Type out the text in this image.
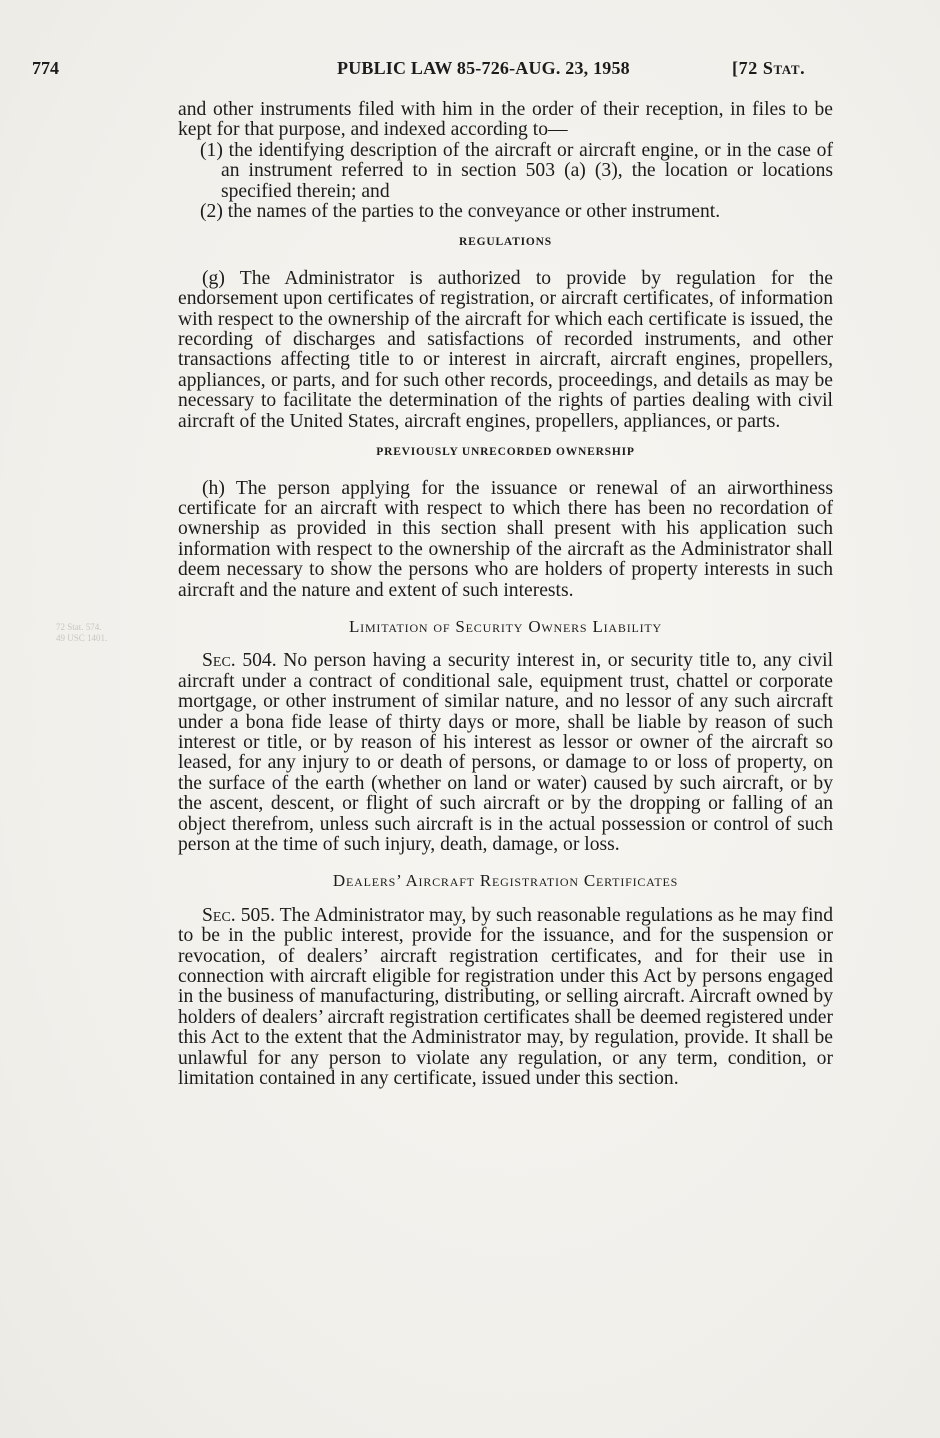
774	PUBLIC LAW 85-726-AUG. 23, 1958	[72 Stat.
72 Stat. 574.
49 USC 1401.

and other instruments filed with him in the order of their reception, in files to be kept for that purpose, and indexed according to—

(1) the identifying description of the aircraft or aircraft engine, or in the case of an instrument referred to in section 503 (a) (3), the location or locations specified therein; and

(2) the names of the parties to the conveyance or other instrument.

REGULATIONS

(g) The Administrator is authorized to provide by regulation for the endorsement upon certificates of registration, or aircraft certificates, of information with respect to the ownership of the aircraft for which each certificate is issued, the recording of discharges and satisfactions of recorded instruments, and other transactions affecting title to or interest in aircraft, aircraft engines, propellers, appliances, or parts, and for such other records, proceedings, and details as may be necessary to facilitate the determination of the rights of parties dealing with civil aircraft of the United States, aircraft engines, propellers, appliances, or parts.

PREVIOUSLY UNRECORDED OWNERSHIP

(h) The person applying for the issuance or renewal of an airworthiness certificate for an aircraft with respect to which there has been no recordation of ownership as provided in this section shall present with his application such information with respect to the ownership of the aircraft as the Administrator shall deem necessary to show the persons who are holders of property interests in such aircraft and the nature and extent of such interests.

Limitation of Security Owners Liability

Sec. 504. No person having a security interest in, or security title to, any civil aircraft under a contract of conditional sale, equipment trust, chattel or corporate mortgage, or other instrument of similar nature, and no lessor of any such aircraft under a bona fide lease of thirty days or more, shall be liable by reason of such interest or title, or by reason of his interest as lessor or owner of the aircraft so leased, for any injury to or death of persons, or damage to or loss of property, on the surface of the earth (whether on land or water) caused by such aircraft, or by the ascent, descent, or flight of such aircraft or by the dropping or falling of an object therefrom, unless such aircraft is in the actual possession or control of such person at the time of such injury, death, damage, or loss.

Dealers’ Aircraft Registration Certificates

Sec. 505. The Administrator may, by such reasonable regulations as he may find to be in the public interest, provide for the issuance, and for the suspension or revocation, of dealers’ aircraft registration certificates, and for their use in connection with aircraft eligible for registration under this Act by persons engaged in the business of manufacturing, distributing, or selling aircraft. Aircraft owned by holders of dealers’ aircraft registration certificates shall be deemed registered under this Act to the extent that the Administrator may, by regulation, provide. It shall be unlawful for any person to violate any regulation, or any term, condition, or limitation contained in any certificate, issued under this section.
